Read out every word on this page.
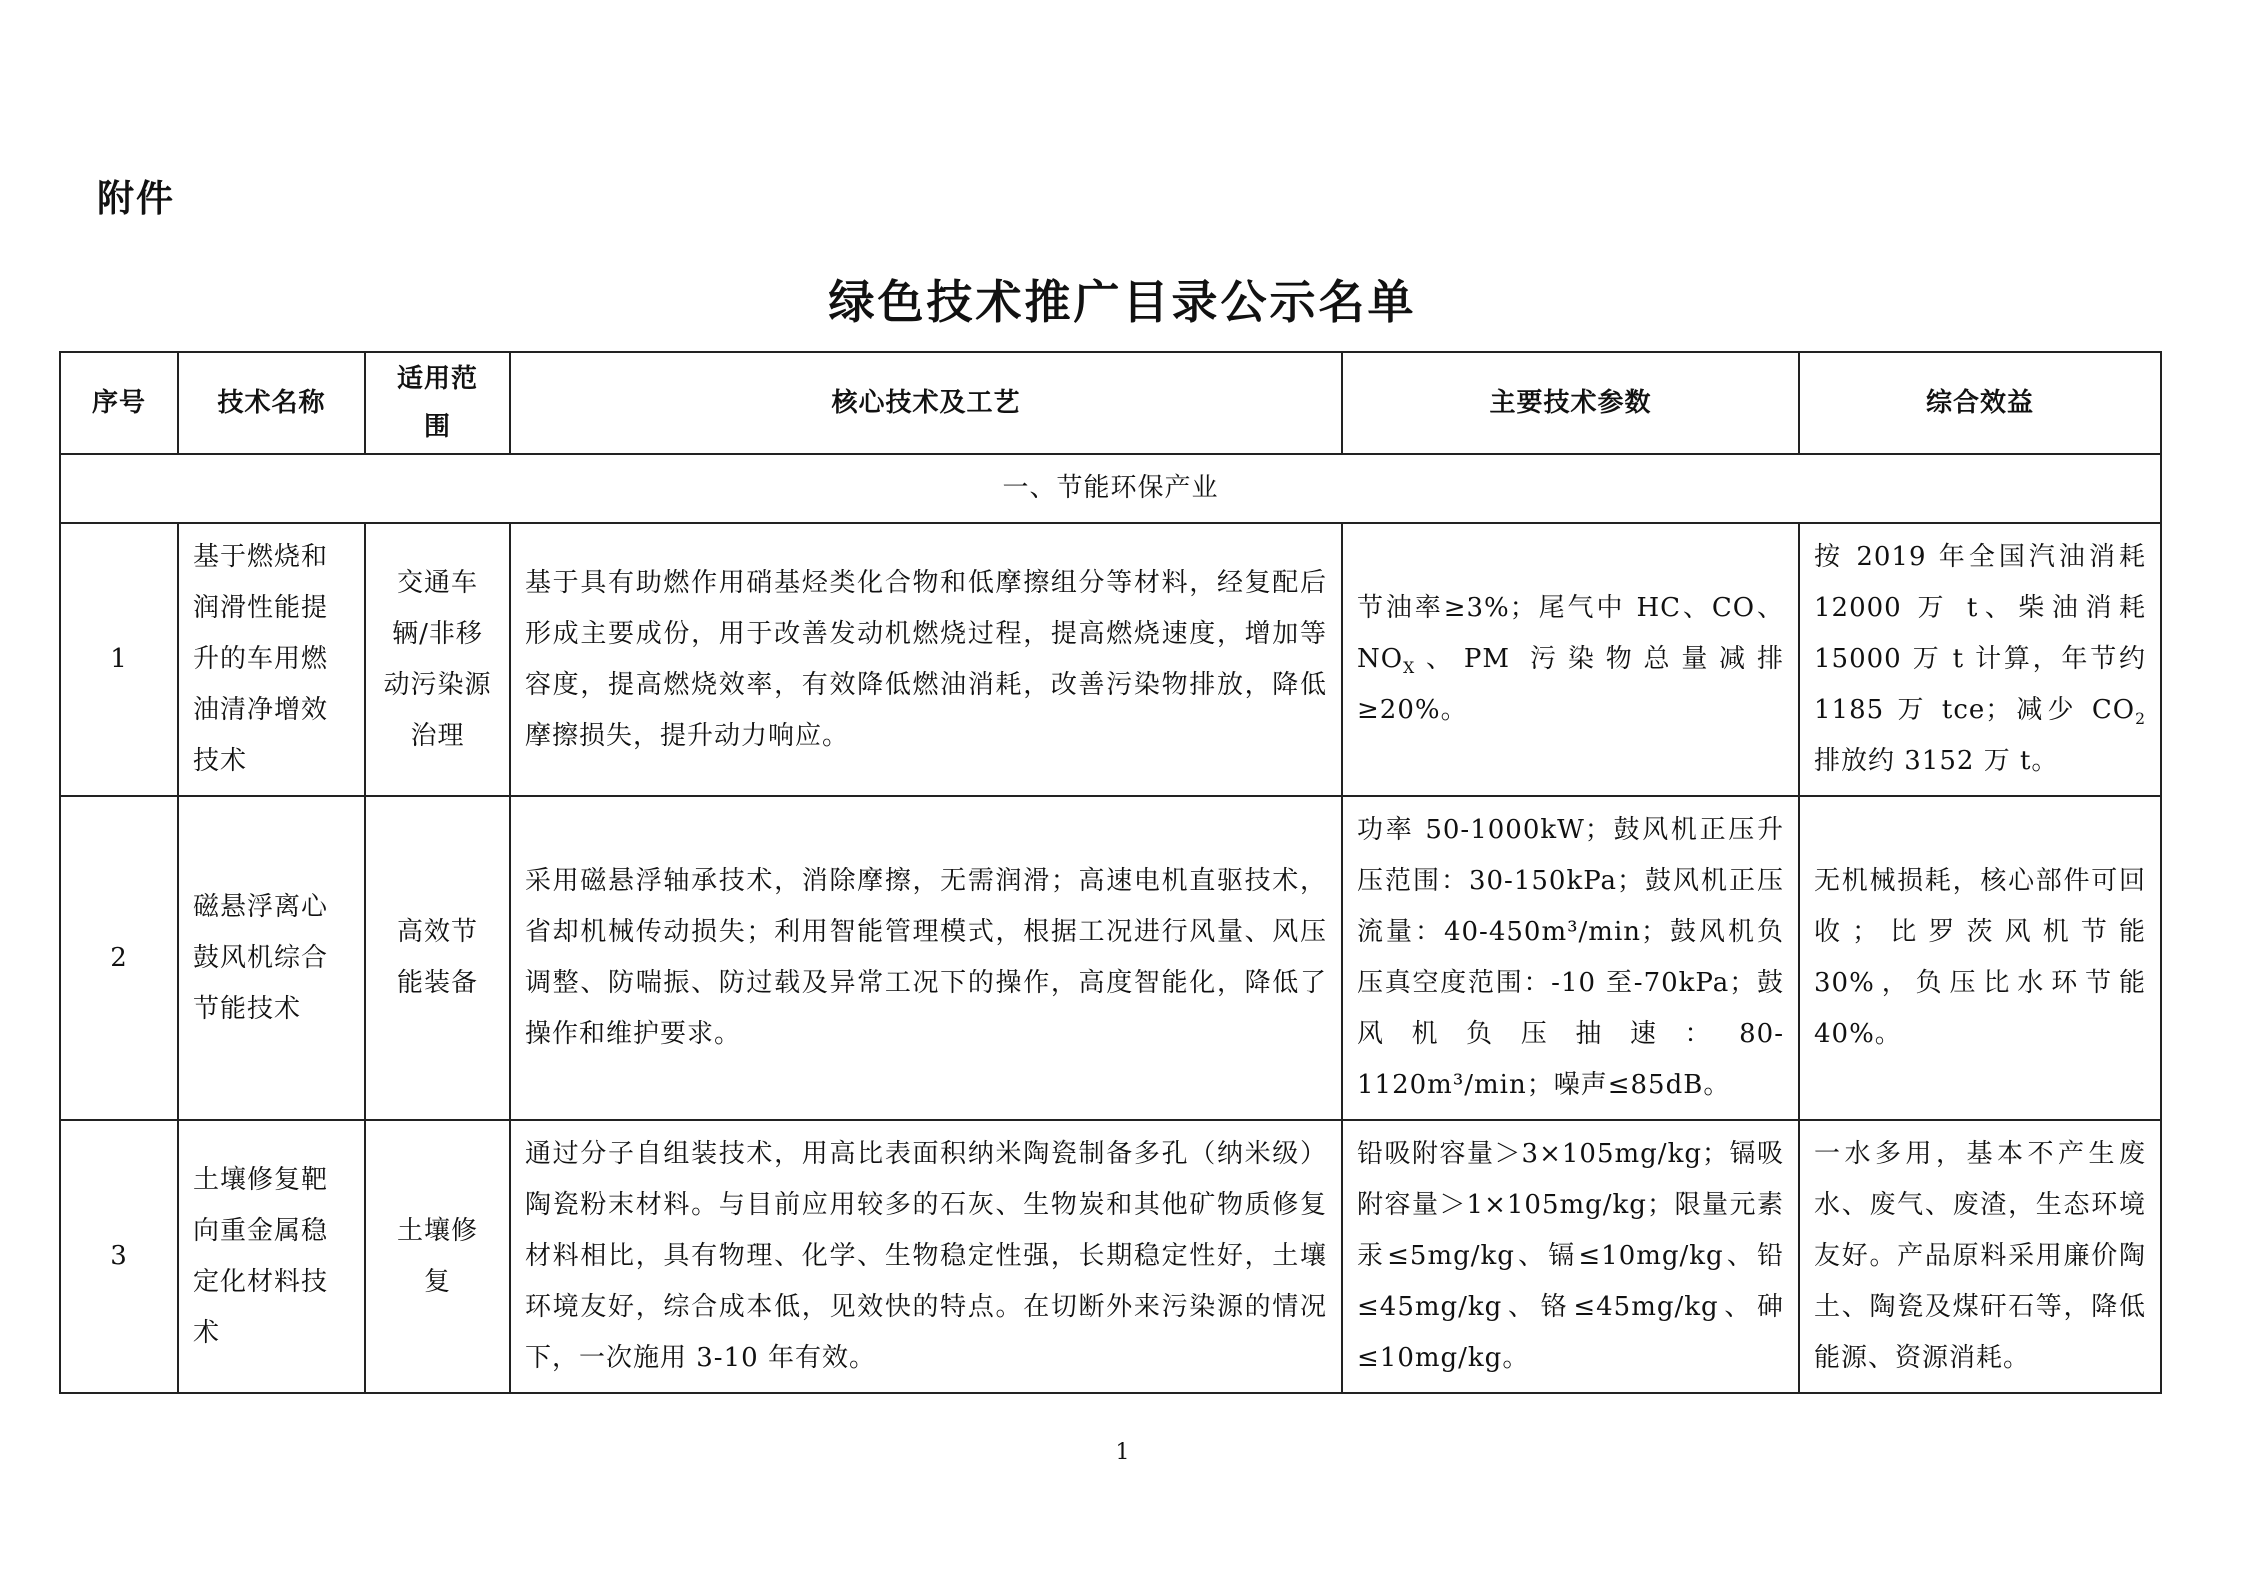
附件
绿色技术推广目录公示名单
序号	技术名称	适用范围	核心技术及工艺	主要技术参数	综合效益
一、节能环保产业					
1	基于燃烧和润滑性能提升的车用燃油清净增效技术	交通车辆/非移动污染源治理	基于具有助燃作用硝基烃类化合物和低摩擦组分等材料，经复配后形成主要成份，用于改善发动机燃烧过程，提高燃烧速度，增加等容度，提高燃烧效率，有效降低燃油消耗，改善污染物排放，降低摩擦损失，提升动力响应。	节油率≥3%；尾气中 HC、CO、$NO_X$、PM 污染物总量减排≥20%。	按 2019 年全国汽油消耗 12000 万 t、柴油消耗 15000 万 t 计算，年节约 1185 万 tce；减少 $CO_2$ 排放约 3152 万 t。
2	磁悬浮离心鼓风机综合节能技术	高效节能装备	采用磁悬浮轴承技术，消除摩擦，无需润滑；高速电机直驱技术，省却机械传动损失；利用智能管理模式，根据工况进行风量、风压调整、防喘振、防过载及异常工况下的操作，高度智能化，降低了操作和维护要求。	功率 50-1000kW；鼓风机正压升压范围：30-150kPa；鼓风机正压流量：40-450m³/min；鼓风机负压真空度范围：-10 至-70kPa；鼓风机负压抽速：80-1120m³/min；噪声≤85dB。	无机械损耗，核心部件可回收；比罗茨风机节能 30%，负压比水环节能 40%。
3	土壤修复靶向重金属稳定化材料技术	土壤修复	通过分子自组装技术，用高比表面积纳米陶瓷制备多孔（纳米级）陶瓷粉末材料。与目前应用较多的石灰、生物炭和其他矿物质修复材料相比，具有物理、化学、生物稳定性强，长期稳定性好，土壤环境友好，综合成本低，见效快的特点。在切断外来污染源的情况下，一次施用 3-10 年有效。	铅吸附容量＞3×105mg/kg；镉吸附容量＞1×105mg/kg；限量元素汞≤5mg/kg、镉≤10mg/kg、铅≤45mg/kg、铬≤45mg/kg、砷≤10mg/kg。	一水多用，基本不产生废水、废气、废渣，生态环境友好。产品原料采用廉价陶土、陶瓷及煤矸石等，降低能源、资源消耗。
1
